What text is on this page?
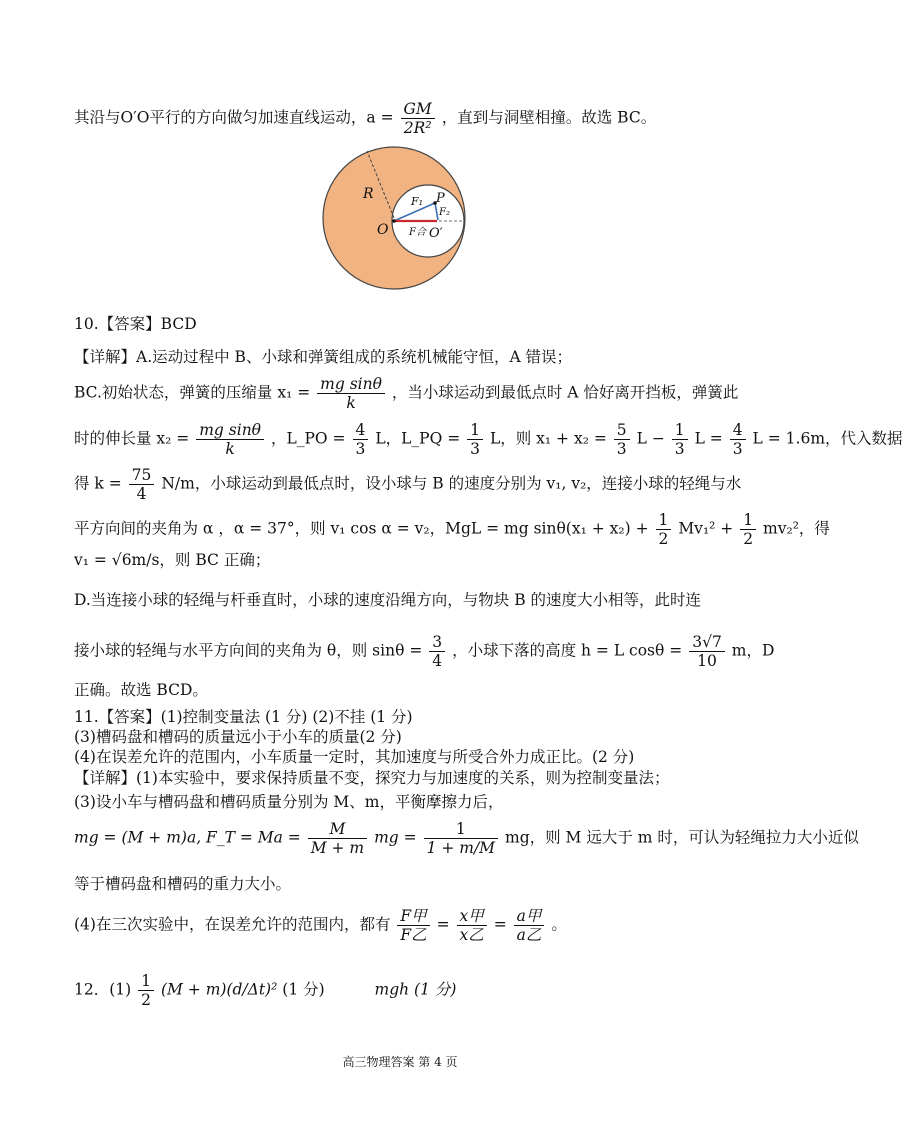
其沿与O′O平行的方向做匀加速直线运动，$a = \frac{GM}{\text{2R²}}$ ，直到与洞壁相撞。故选 BC。
R
O	O′
P
F₁
F₂
F合
10.【答案】BCD
【详解】A.运动过程中 B、小球和弹簧组成的系统机械能守恒，A 错误；
BC.初始状态，弹簧的压缩量 $x_1 = \frac{\text{mg sinθ}}{k}$ ，当小球运动到最低点时 A 恰好离开挡板，弹簧此
时的伸长量 $x_2 = \frac{\text{mg sinθ}}{k}$ ，L_PO = $\frac{4}{3}$ L，L_PQ = $\frac{1}{3}$ L，则 $x_1 + x_2 = \frac{5}{3}$ $L - \frac{1}{3}$ $L = \frac{4}{3}$ L = 1.6m，代入数据
得 $k = \frac{75}{4} N/m$，小球运动到最低点时，设小球与 B 的速度分别为 v₁, v₂，连接小球的轻绳与水
平方向间的夹角为 α ，α = 37°，则 v₁ cos α = v₂，MgL = mg $\sin\theta(x_1 + x_2) + \frac{1}{2} Mv_1^2 + \frac{1}{2} mv_2^2$，得
v₁ = √6m/s，则 BC 正确；
D.当连接小球的轻绳与杆垂直时，小球的速度沿绳方向，与物块 B 的速度大小相等，此时连
接小球的轻绳与水平方向间的夹角为 θ，则 $\sin\theta = \frac{3}{4}$ ，小球下落的高度 h = L $\cos\theta = \frac{3√7}{10}$ m，D
正确。故选 BCD。
11.【答案】(1)控制变量法 (1 分) (2)不挂 (1 分)
(3)槽码盘和槽码的质量远小于小车的质量(2 分)
(4)在误差允许的范围内，小车质量一定时，其加速度与所受合外力成正比。(2 分)
【详解】(1)本实验中，要求保持质量不变，探究力与加速度的关系，则为控制变量法；
(3)设小车与槽码盘和槽码质量分别为 M、m，平衡摩擦力后，
mg = (M + m)a, F_T = $Ma = \frac{M}{M + m}$ mg = $\frac{1}{1 + m/M}$ mg，则 M 远大于 m 时，可认为轻绳拉力大小近似
等于槽码盘和槽码的重力大小。
(4)在三次实验中，在误差允许的范围内，都有 $\frac{\text{F甲}}{\text{F乙}} = \frac{\text{x甲}}{\text{x乙}} = \frac{\text{a甲}}{\text{a乙}}$ 。
12．$(1) \frac{1}{2} (M + m)(d/\Delta t)^2$ (1 分)	mgh (1 分)
高三物理答案 第 4 页
